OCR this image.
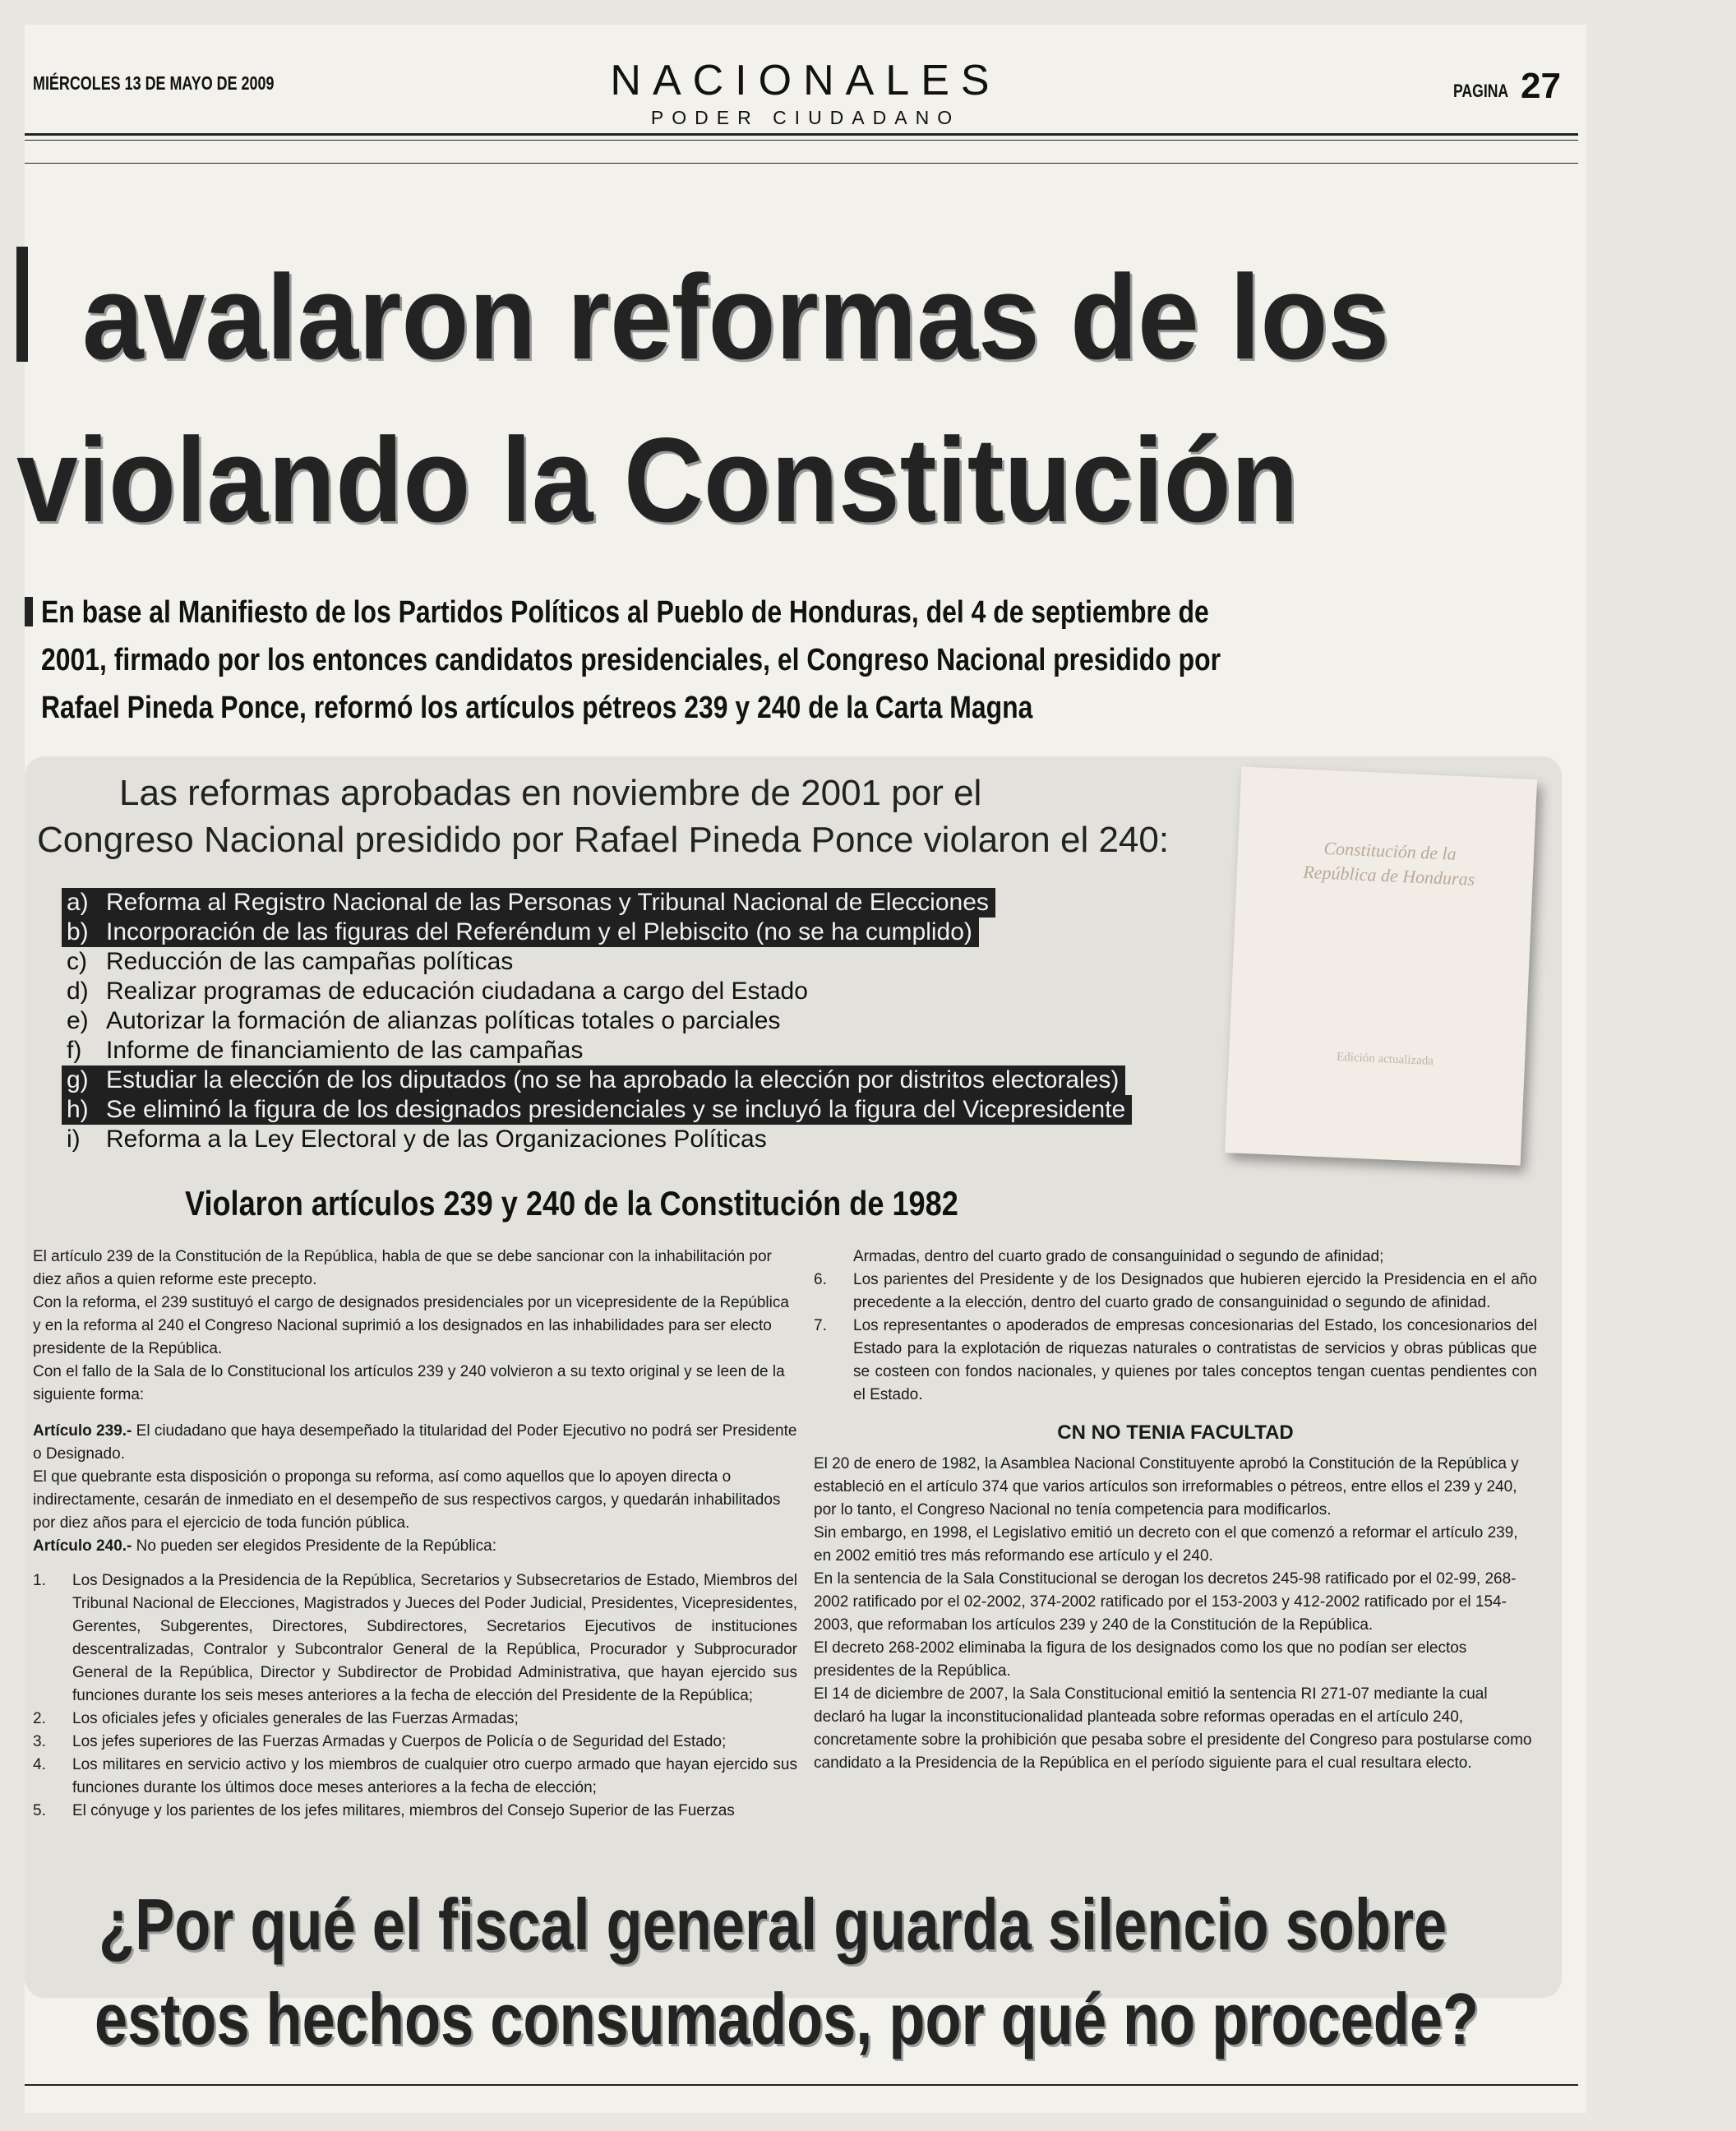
MIÉRCOLES 13 DE MAYO DE 2009	NACIONALES
PODER CIUDADANO
PAGINA 27
avalaron reformas de los
violando la Constitución
En base al Manifiesto de los Partidos Políticos al Pueblo de Honduras, del 4 de septiembre de
2001, firmado por los entonces candidatos presidenciales, el Congreso Nacional presidido por
Rafael Pineda Ponce, reformó los artículos pétreos 239 y 240 de la Carta Magna
Las reformas aprobadas en noviembre de 2001 por el
Congreso Nacional presidido por Rafael Pineda Ponce violaron el 240:	Constitución de la República de Honduras
Edición actualizada
a) Reforma al Registro Nacional de las Personas y Tribunal Nacional de Elecciones
b) Incorporación de las figuras del Referéndum y el Plebiscito (no se ha cumplido)

c) Reducción de las campañas políticas
d) Realizar programas de educación ciudadana a cargo del Estado
e) Autorizar la formación de alianzas políticas totales o parciales
f) Informe de financiamiento de las campañas
g) Estudiar la elección de los diputados (no se ha aprobado la elección por distritos electorales)
h) Se eliminó la figura de los designados presidenciales y se incluyó la figura del Vicepresidente

i) Reforma a la Ley Electoral y de las Organizaciones Políticas
Violaron artículos 239 y 240 de la Constitución de 1982

El artículo 239 de la Constitución de la República, habla de que se debe sancionar con la inhabilitación por diez años a quien reforme este precepto.

Con la reforma, el 239 sustituyó el cargo de designados presidenciales por un vicepresidente de la República y en la reforma al 240 el Congreso Nacional suprimió a los designados en las inhabilidades para ser electo presidente de la República.

Con el fallo de la Sala de lo Constitucional los artículos 239 y 240 volvieron a su texto original y se leen de la siguiente forma:

Artículo 239.- El ciudadano que haya desempeñado la titularidad del Poder Ejecutivo no podrá ser Presidente o Designado.

El que quebrante esta disposición o proponga su reforma, así como aquellos que lo apoyen directa o indirectamente, cesarán de inmediato en el desempeño de sus respectivos cargos, y quedarán inhabilitados por diez años para el ejercicio de toda función pública.

Artículo 240.- No pueden ser elegidos Presidente de la República:

1.	Los Designados a la Presidencia de la República, Secretarios y Subsecretarios de Estado, Miembros del Tribunal Nacional de Elecciones, Magistrados y Jueces del Poder Judicial, Presidentes, Vicepresidentes, Gerentes, Subgerentes, Directores, Subdirectores, Secretarios Ejecutivos de instituciones descentralizadas, Contralor y Subcontralor General de la República, Procurador y Subprocurador General de la República, Director y Subdirector de Probidad Administrativa, que hayan ejercido sus funciones durante los seis meses anteriores a la fecha de elección del Presidente de la República;
2.	Los oficiales jefes y oficiales generales de las Fuerzas Armadas;
3.	Los jefes superiores de las Fuerzas Armadas y Cuerpos de Policía o de Seguridad del Estado;
4.	Los militares en servicio activo y los miembros de cualquier otro cuerpo armado que hayan ejercido sus funciones durante los últimos doce meses anteriores a la fecha de elección;
5.	El cónyuge y los parientes de los jefes militares, miembros del Consejo Superior de las Fuerzas
Armadas, dentro del cuarto grado de consanguinidad o segundo de afinidad;
6.	Los parientes del Presidente y de los Designados que hubieren ejercido la Presidencia en el año precedente a la elección, dentro del cuarto grado de consanguinidad o segundo de afinidad.
7.	Los representantes o apoderados de empresas concesionarias del Estado, los concesionarios del Estado para la explotación de riquezas naturales o contratistas de servicios y obras públicas que se costeen con fondos nacionales, y quienes por tales conceptos tengan cuentas pendientes con el Estado.
CN NO TENIA FACULTAD

El 20 de enero de 1982, la Asamblea Nacional Constituyente aprobó la Constitución de la República y estableció en el artículo 374 que varios artículos son irreformables o pétreos, entre ellos el 239 y 240, por lo tanto, el Congreso Nacional no tenía competencia para modificarlos.

Sin embargo, en 1998, el Legislativo emitió un decreto con el que comenzó a reformar el artículo 239, en 2002 emitió tres más reformando ese artículo y el 240.

En la sentencia de la Sala Constitucional se derogan los decretos 245-98 ratificado por el 02-99, 268-2002 ratificado por el 02-2002, 374-2002 ratificado por el 153-2003 y 412-2002 ratificado por el 154-2003, que reformaban los artículos 239 y 240 de la Constitución de la República.

El decreto 268-2002 eliminaba la figura de los designados como los que no podían ser electos presidentes de la República.

El 14 de diciembre de 2007, la Sala Constitucional emitió la sentencia RI 271-07 mediante la cual declaró ha lugar la inconstitucionalidad planteada sobre reformas operadas en el artículo 240, concretamente sobre la prohibición que pesaba sobre el presidente del Congreso para postularse como candidato a la Presidencia de la República en el período siguiente para el cual resultara electo.

¿Por qué el fiscal general guarda silencio sobre
estos hechos consumados, por qué no procede?
